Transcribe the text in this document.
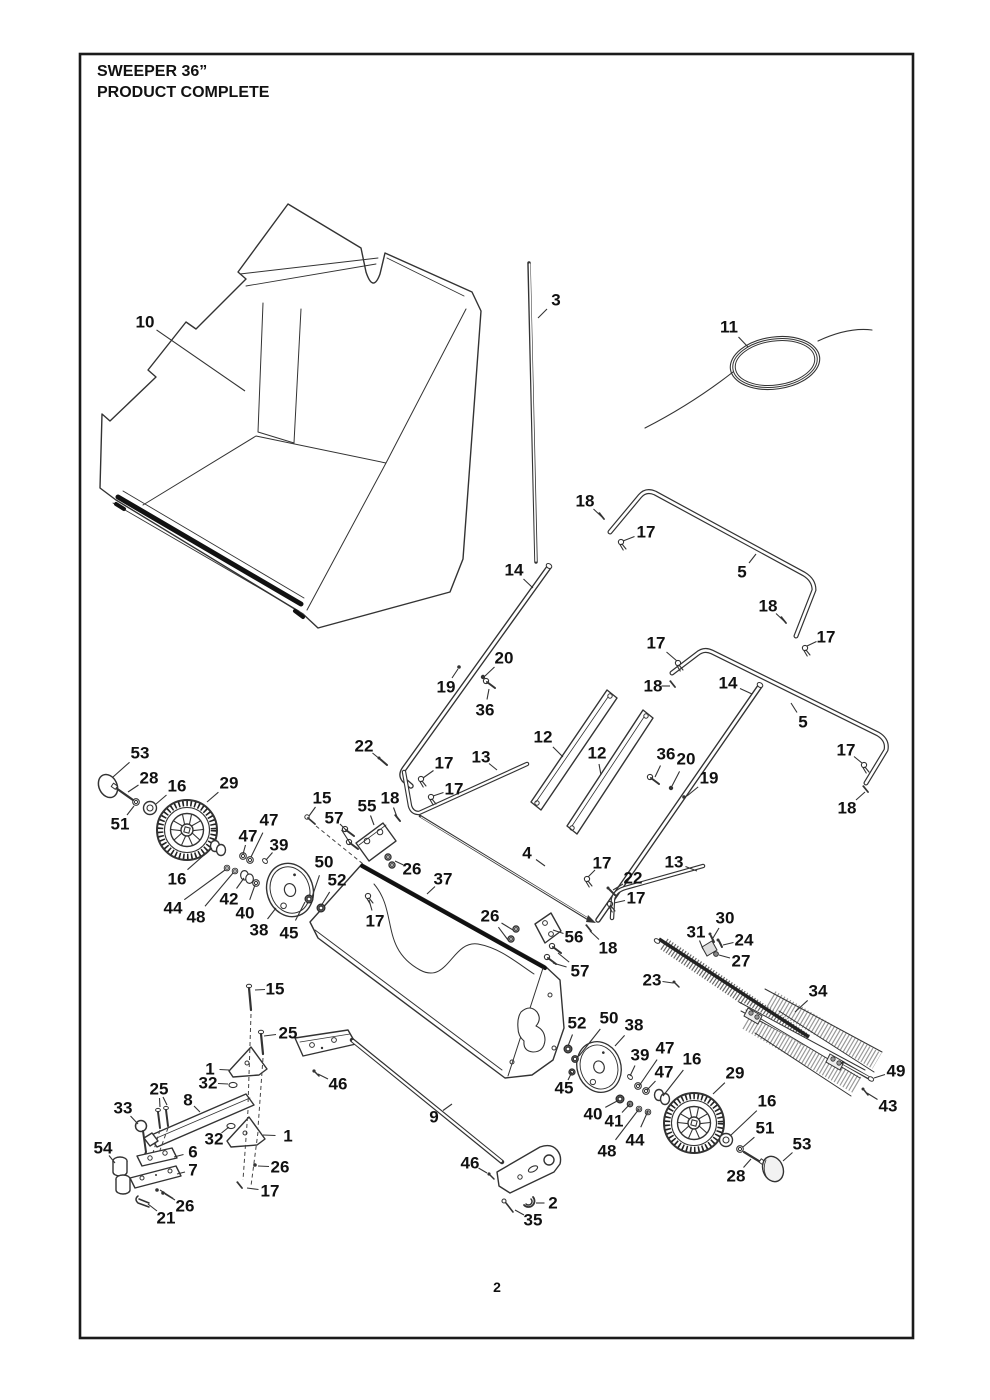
SWEEPER 36”
PRODUCT COMPLETE
10
3
11
18
17
5
18
17
14
20
19
36
22
17 13
17
12
12
17
18	14
5
17
18
36 20
19
15 55
57
18
53
28 16 29
51	47
47 39
16
44 48
42
40
38 45
50
52
26
37
17	26
4
56
57
18
17
22
17
13
23
31
30
24
27
34
49
43
52 50 38
39 47
47
16
29
40 41
48
44
16
51
53
28
45
15
25
1
32
8
25
33
54	6
7
32	1
26
17
26
21
46
46
9
2
35
2
